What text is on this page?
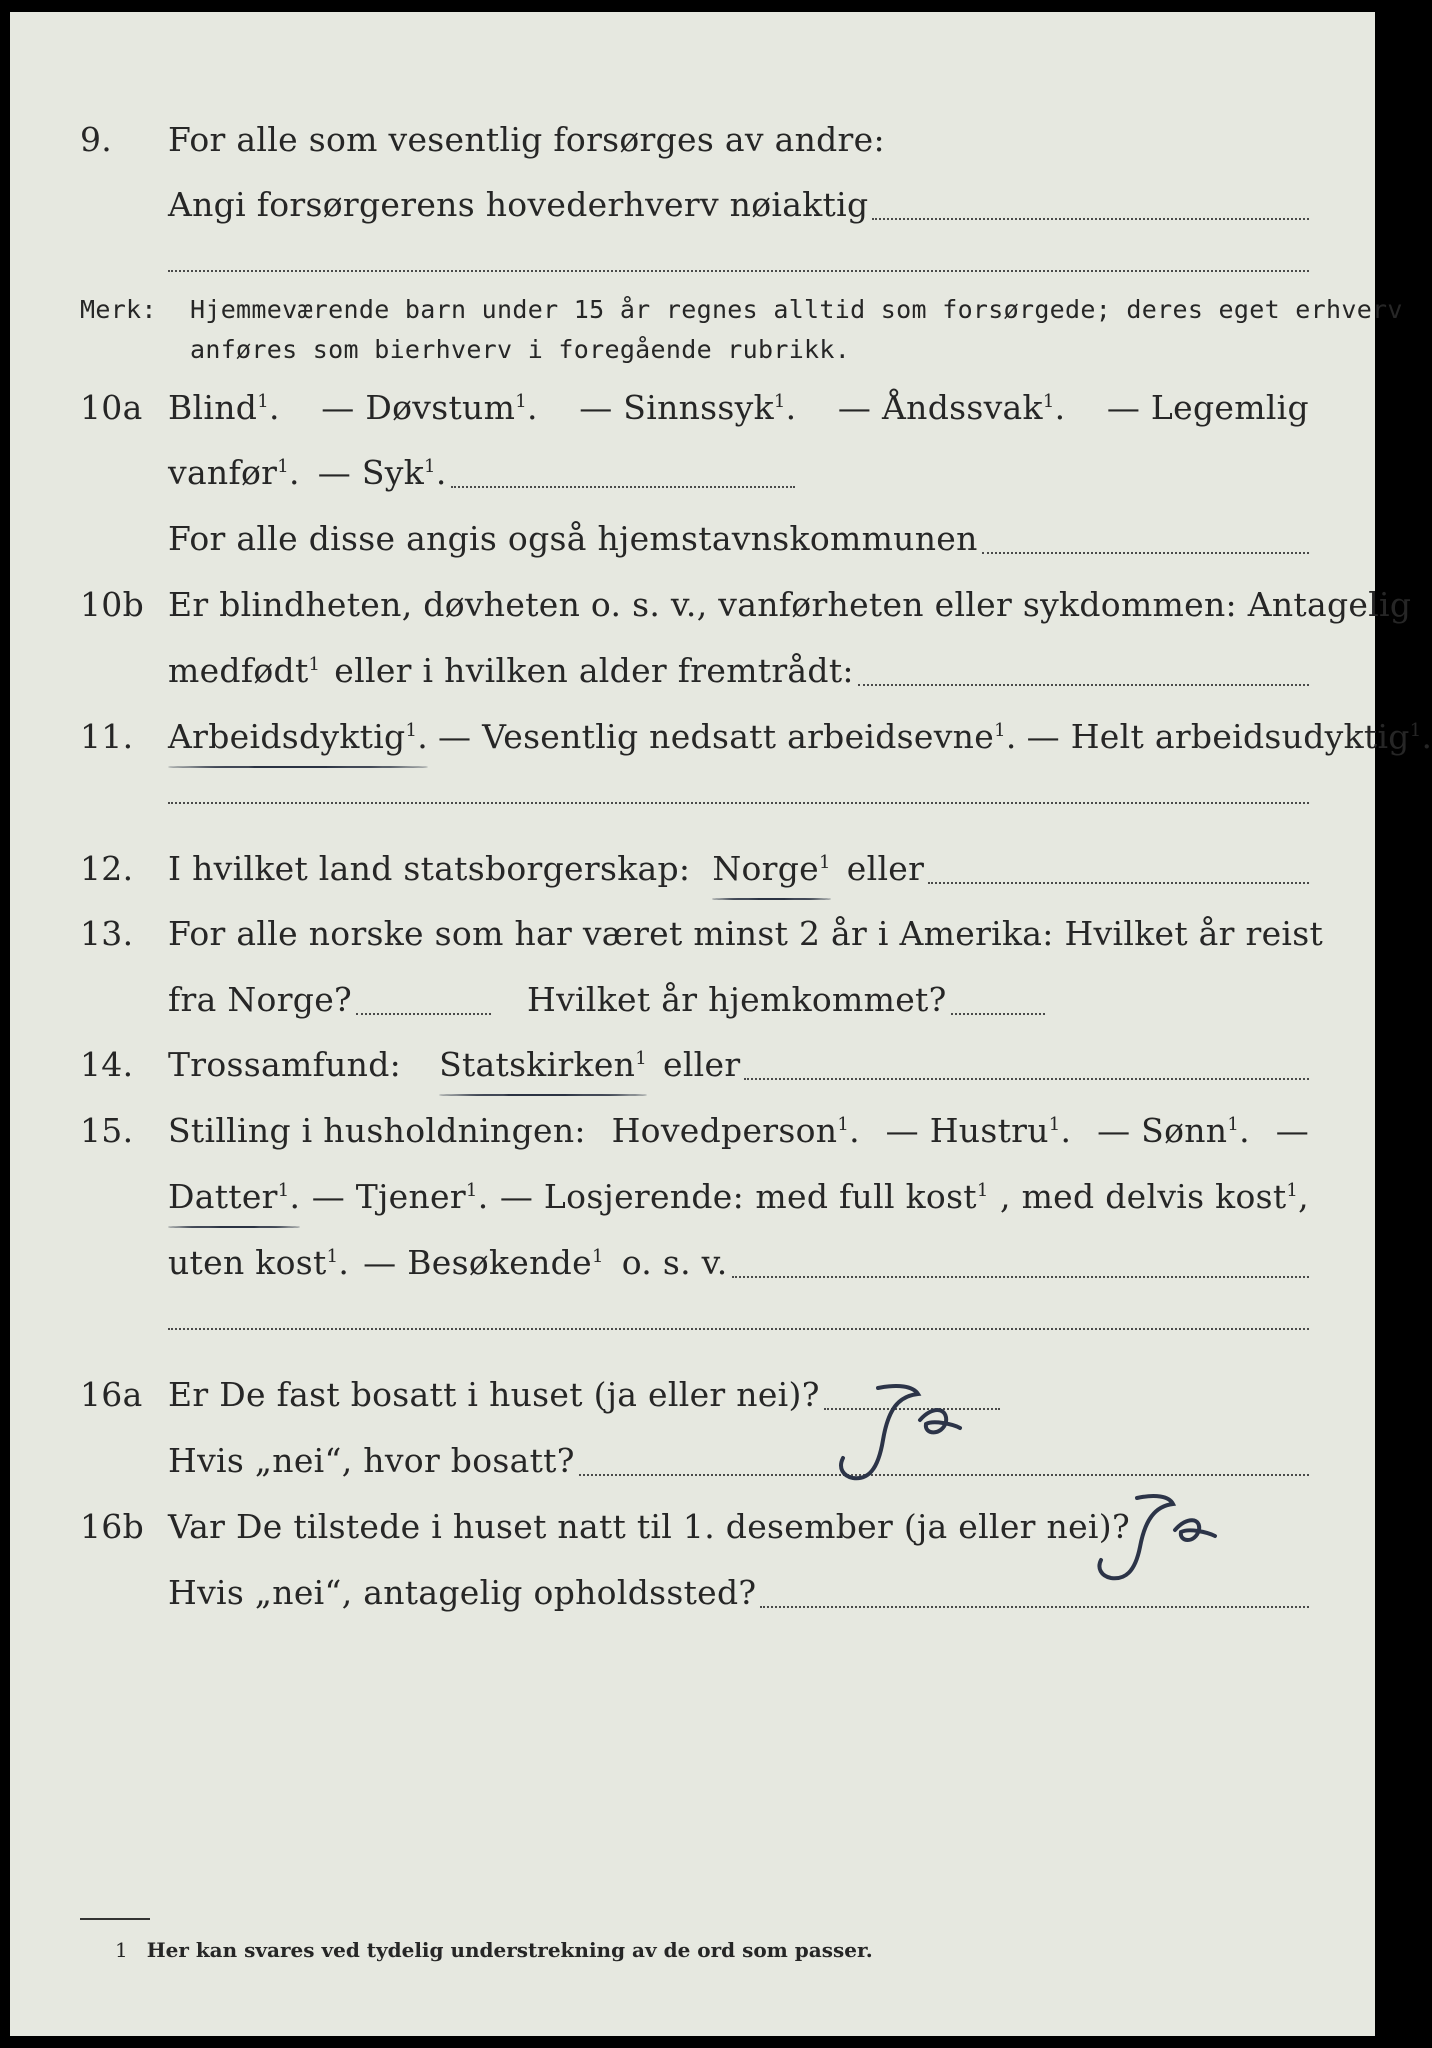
9.	For alle som vesentlig forsørges av andre:
Angi forsørgerens hovederhverv nøiaktig
Merk:	Hjemmeværende barn under 15 år regnes alltid som forsørgede; deres eget erhverv
anføres som bierhverv i foregående rubrikk.
10a Blind$^1$. — Døvstum$^1$. — Sinnssyk$^1$. — Åndssvak$^1$. — Legemlig
vanfør$^1$. — Syk$^1$.
For alle disse angis også hjemstavnskommunen
10b Er blindheten, døvheten o. s. v., vanførheten eller sykdommen: Antagelig
medfødt$^1$ eller i hvilken alder fremtrådt:
11.	Arbeidsdyktig$^1$. — Vesentlig nedsatt arbeidsevne$^1$. — Helt arbeidsudyktig$^1$.
12.	I hvilket land statsborgerskap: Norge$^1$ eller
13.	For alle norske som har været minst 2 år i Amerika: Hvilket år reist
fra Norge?	Hvilket år hjemkommet?
14.	Trossamfund: Statskirken$^1$ eller
15.	Stilling i husholdningen: Hovedperson$^1$. — Hustru$^1$. — Sønn$^1$. —
Datter$^1$. — Tjener$^1$. — Losjerende: med full kost$^1$ , med delvis kost$^1$,
uten kost$^1$. — Besøkende$^1$ o. s. v.
16a Er De fast bosatt i huset (ja eller nei)?
Hvis „nei“, hvor bosatt?
16b Var De tilstede i huset natt til 1. desember (ja eller nei)?
Hvis „nei“, antagelig opholdssted?
1 Her kan svares ved tydelig understrekning av de ord som passer.
